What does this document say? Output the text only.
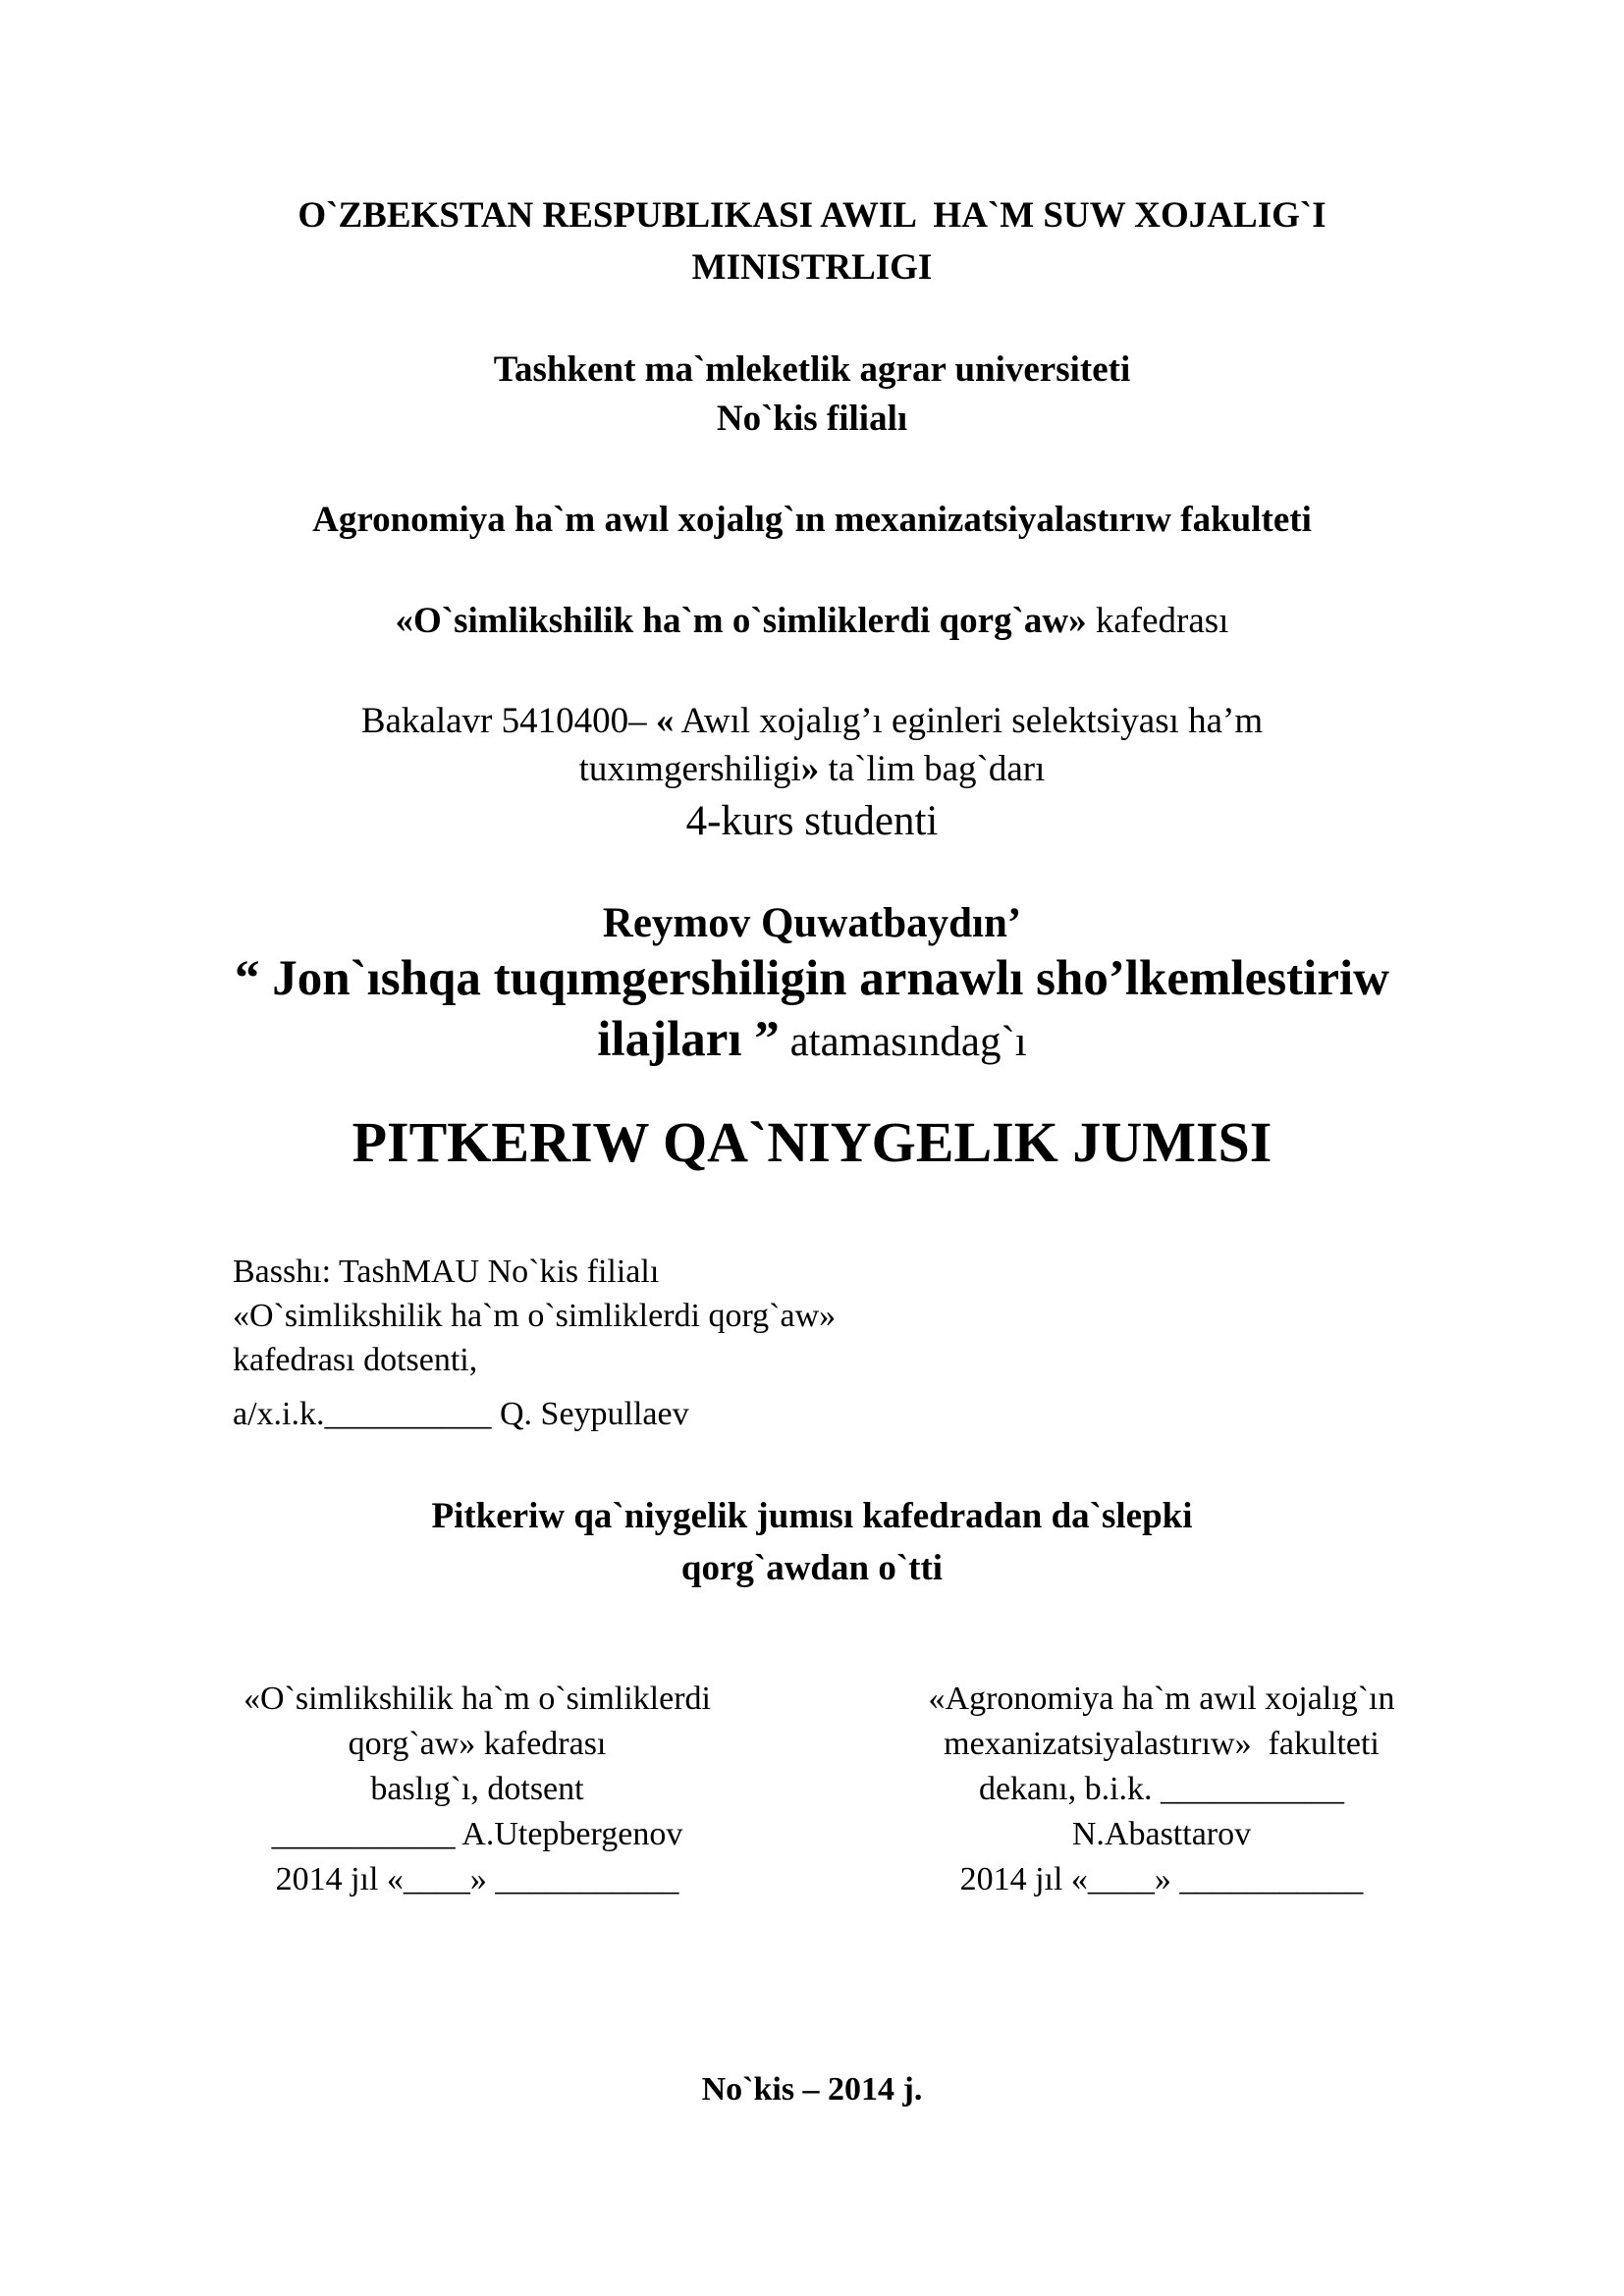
O`ZBEKSTAN RESPUBLIKASI AWIL  HA`M SUW XOJALIG`I
MINISTRLIGI
Tashkent ma`mleketlik agrar universiteti
No`kis filialı
Agronomiya ha`m awıl xojalıg`ın mexanizatsiyalastırıw fakulteti
«O`simlikshilik ha`m o`simliklerdi qorg`aw» kafedrası
Bakalavr 5410400– « Awıl xojalıg’ı eginleri selektsiyası ha’m
tuxımgershiligi» ta`lim bag`darı
4-kurs studenti
Reymov Quwatbaydın’
“ Jon`ıshqa tuqımgershiligin arnawlı sho’lkemlestiriw
ilajları ” atamasındag`ı
PITKERIW QA`NIYGELIK JUMISI
Basshı: TashMAU No`kis filialı
«O`simlikshilik ha`m o`simliklerdi qorg`aw»
kafedrası dotsenti,
a/x.i.k.__________ Q. Seypullaev
Pitkeriw qa`niygelik jumısı kafedradan da`slepki
qorg`awdan o`tti
«O`simlikshilik ha`m o`simliklerdi
qorg`aw» kafedrası
baslıg`ı, dotsent
___________ A.Utepbergenov
2014 jıl «____» ___________
«Agronomiya ha`m awıl xojalıg`ın
mexanizatsiyalastırıw»  fakulteti
dekanı, b.i.k. ___________
N.Abasttarov
2014 jıl «____» ___________
No`kis – 2014 j.
